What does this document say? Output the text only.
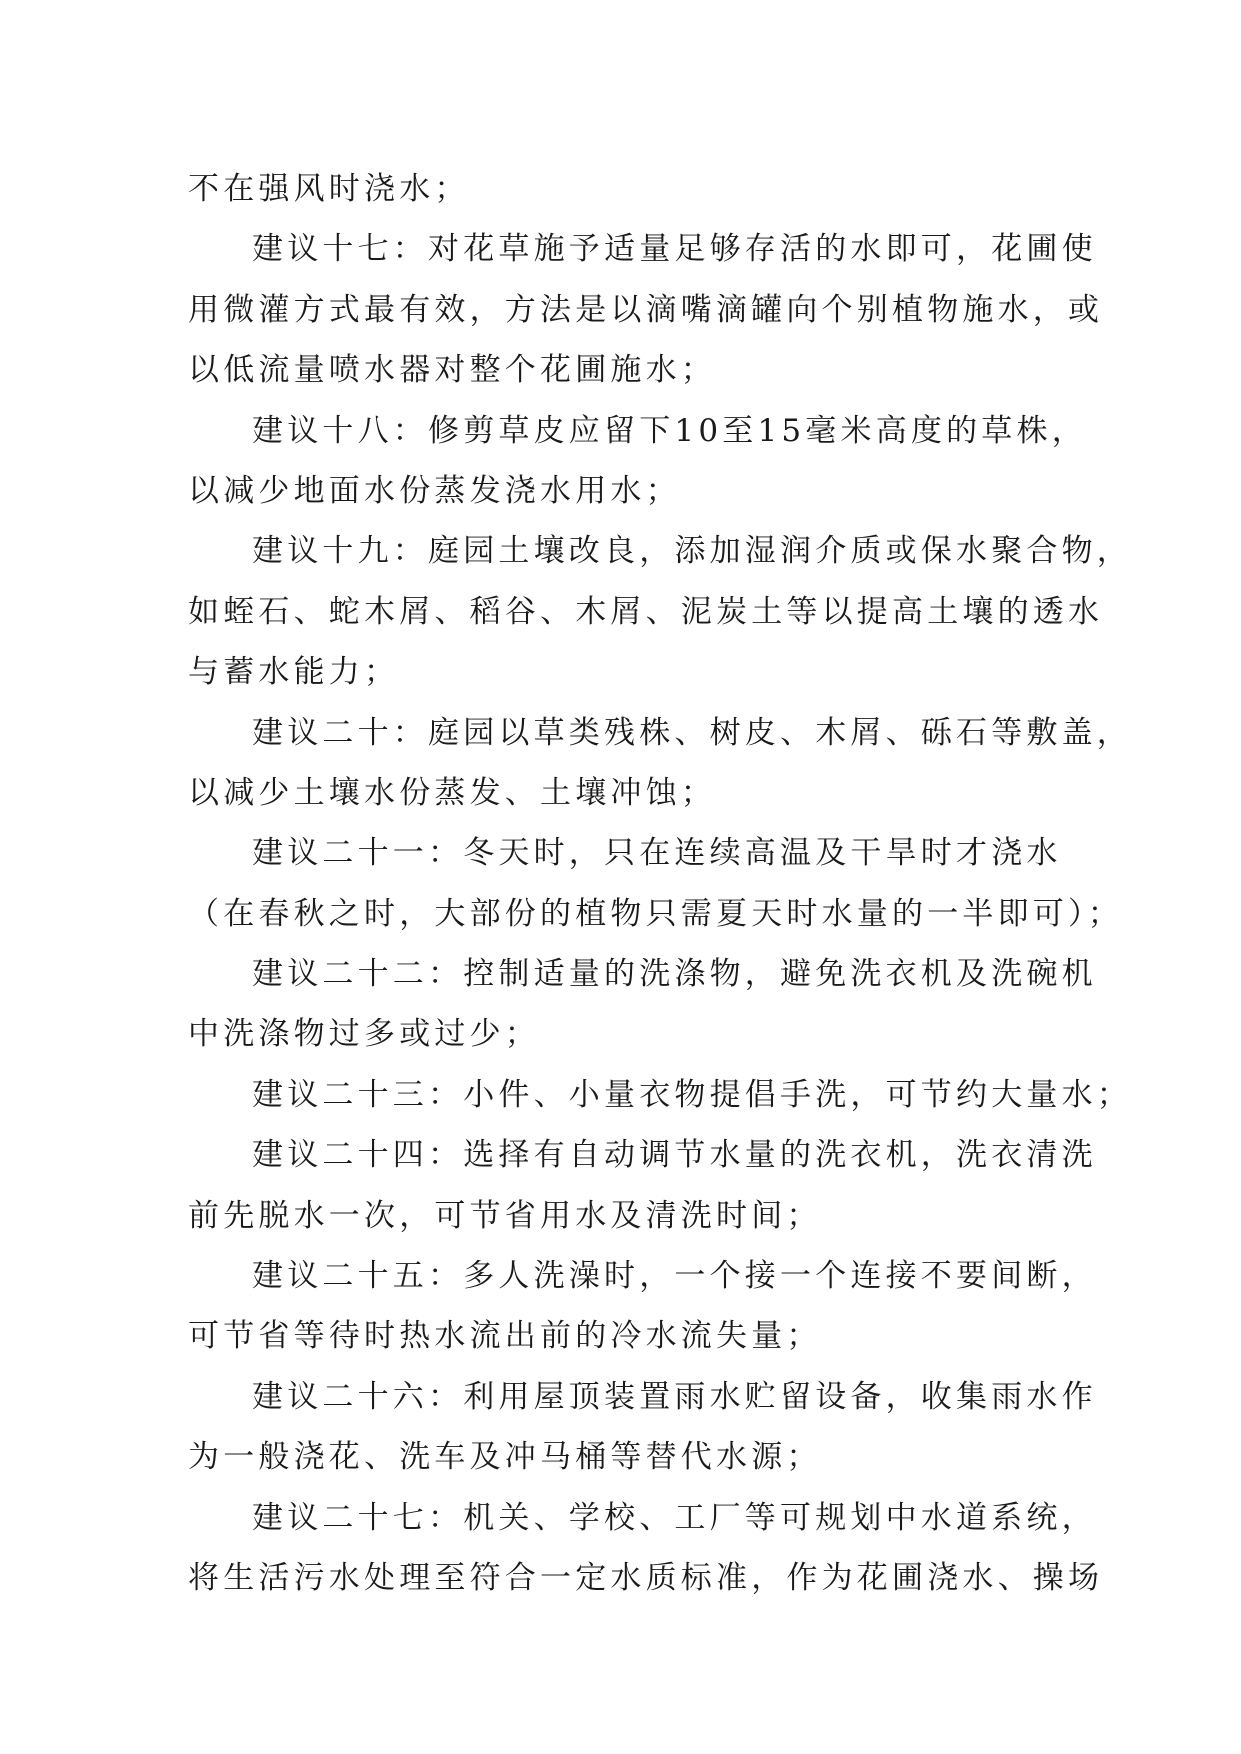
不在强风时浇水；
建议十七：对花草施予适量足够存活的水即可，花圃使
用微灌方式最有效，方法是以滴嘴滴罐向个别植物施水，或
以低流量喷水器对整个花圃施水；
建议十八：修剪草皮应留下10至15毫米高度的草株，
以减少地面水份蒸发浇水用水；
建议十九：庭园土壤改良，添加湿润介质或保水聚合物，
如蛭石、蛇木屑、稻谷、木屑、泥炭土等以提高土壤的透水
与蓄水能力；
建议二十：庭园以草类残株、树皮、木屑、砾石等敷盖，
以减少土壤水份蒸发、土壤冲蚀；
建议二十一：冬天时，只在连续高温及干旱时才浇水
（在春秋之时，大部份的植物只需夏天时水量的一半即可）；
建议二十二：控制适量的洗涤物，避免洗衣机及洗碗机
中洗涤物过多或过少；
建议二十三：小件、小量衣物提倡手洗，可节约大量水；
建议二十四：选择有自动调节水量的洗衣机，洗衣清洗
前先脱水一次，可节省用水及清洗时间；
建议二十五：多人洗澡时，一个接一个连接不要间断，
可节省等待时热水流出前的冷水流失量；
建议二十六：利用屋顶装置雨水贮留设备，收集雨水作
为一般浇花、洗车及冲马桶等替代水源；
建议二十七：机关、学校、工厂等可规划中水道系统，
将生活污水处理至符合一定水质标准，作为花圃浇水、操场
